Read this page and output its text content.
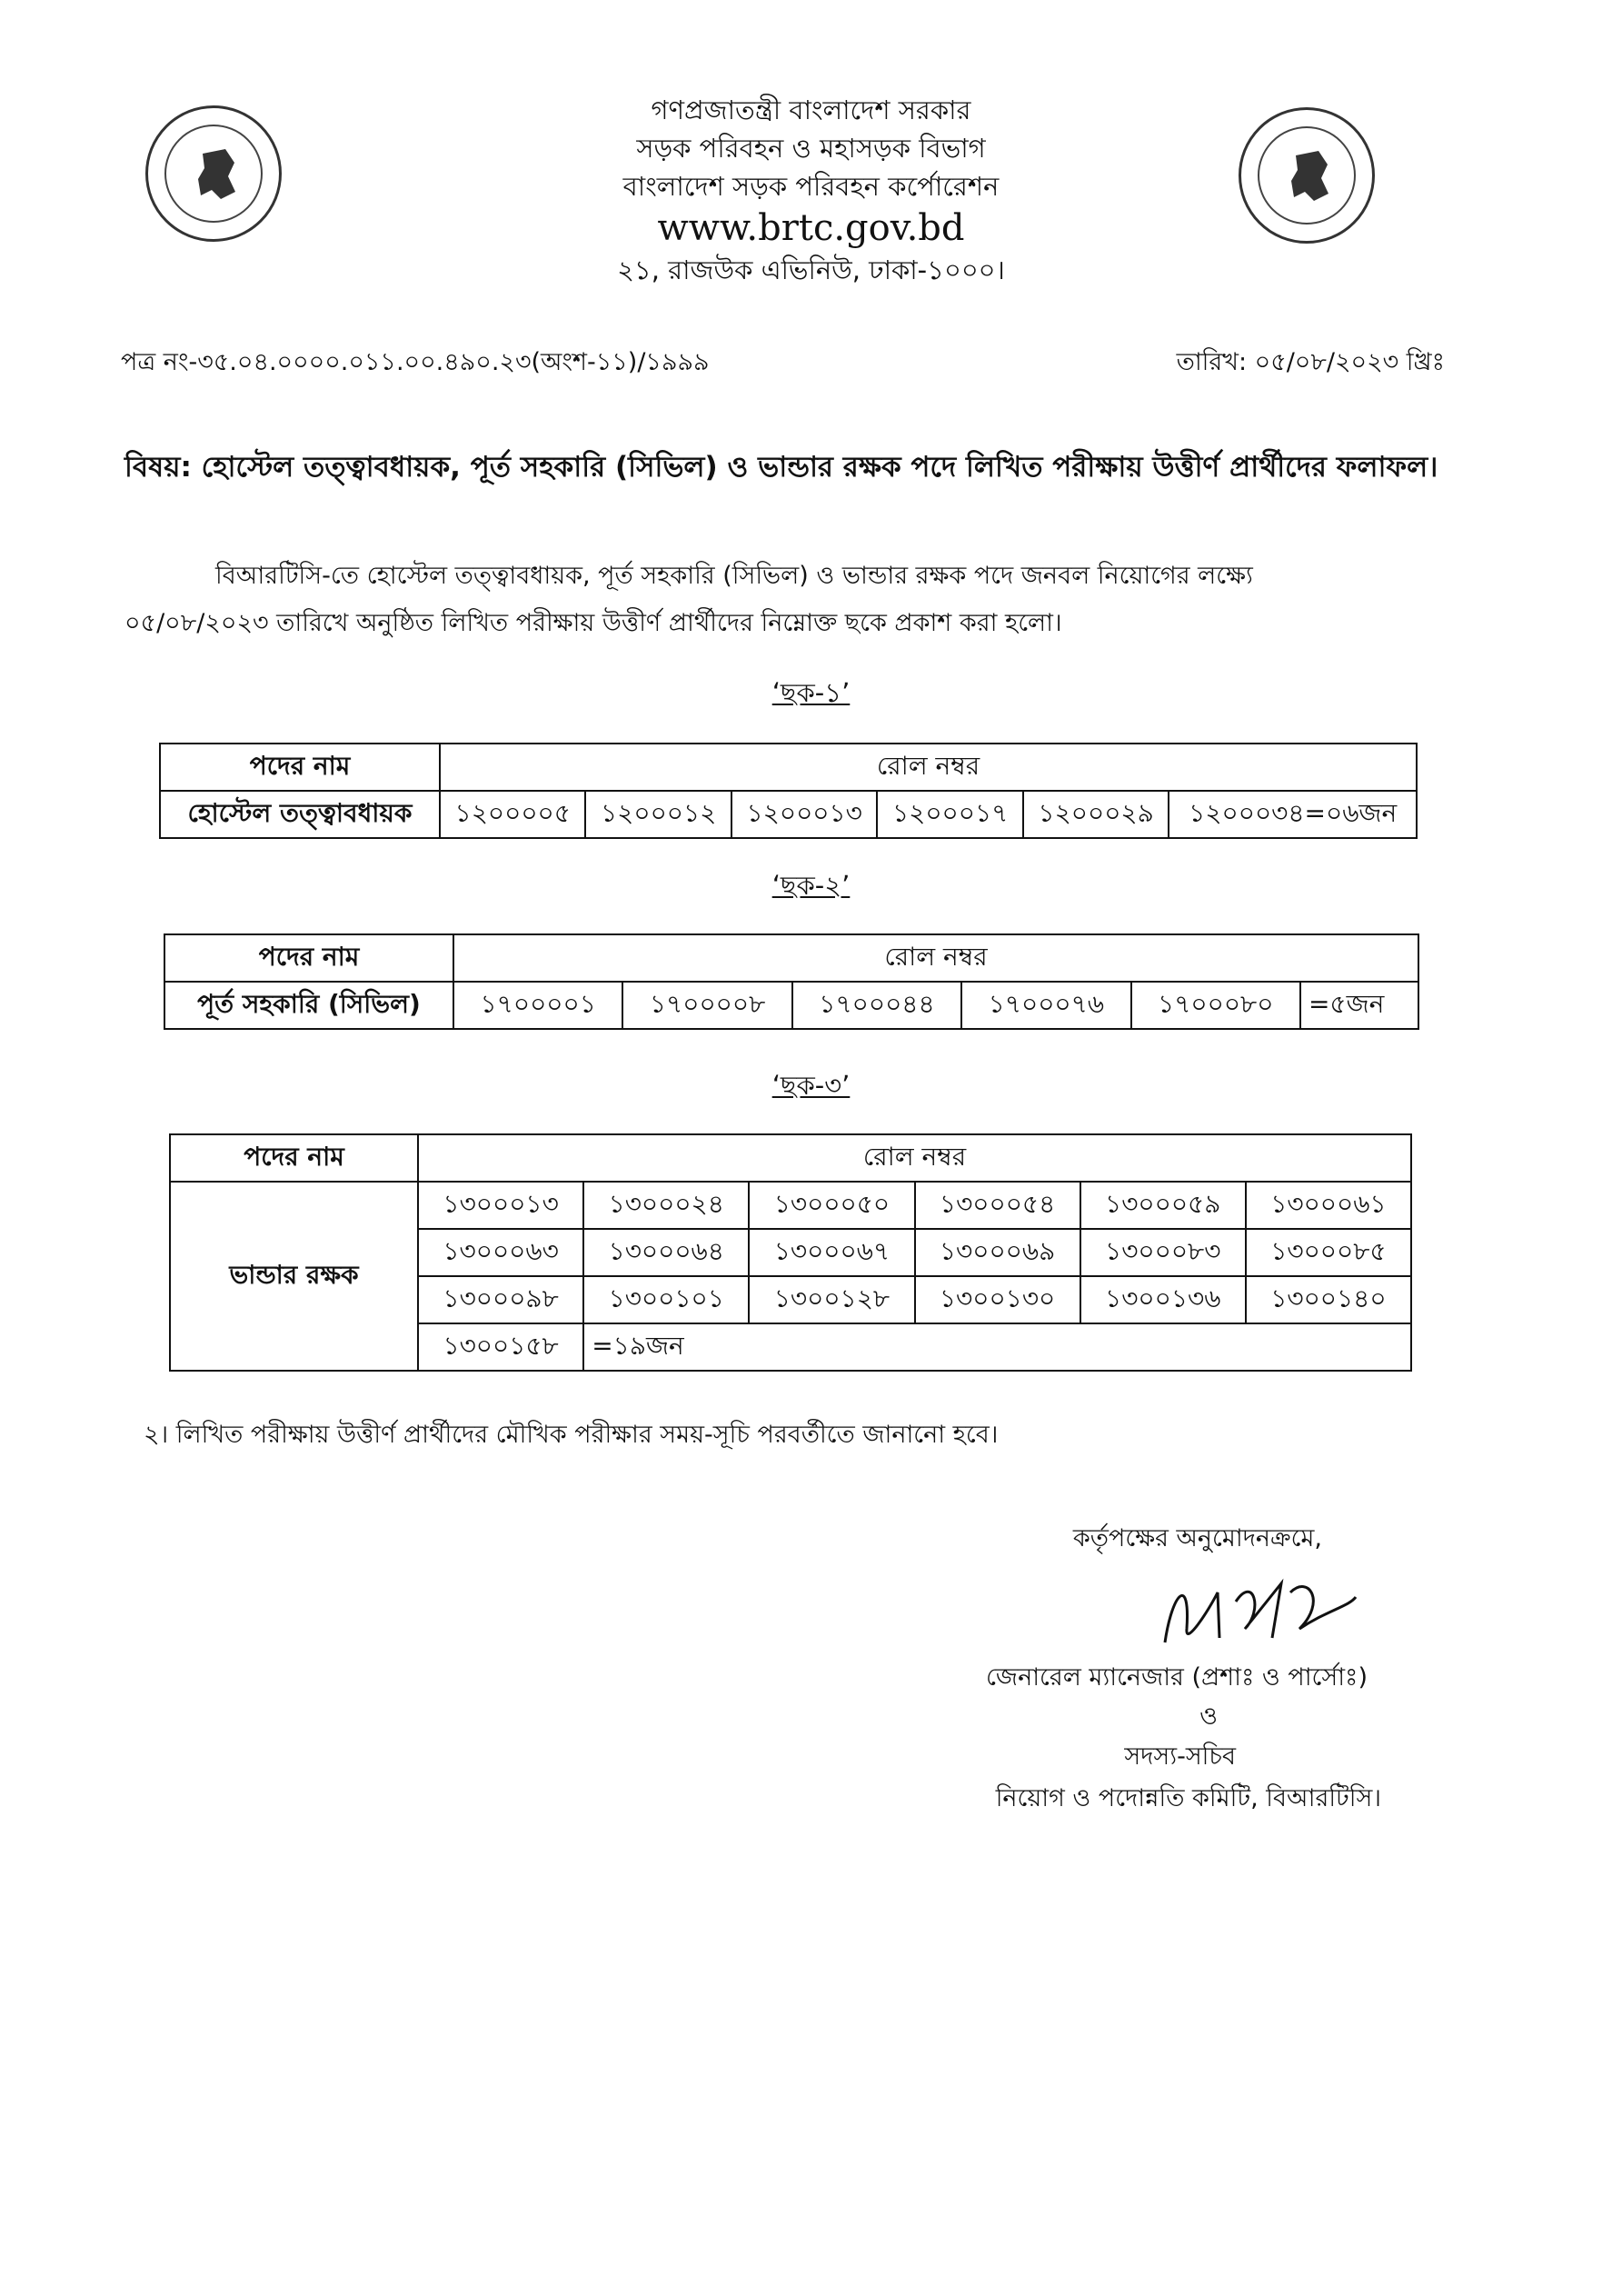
গণপ্রজাতন্ত্রী বাংলাদেশ সরকার
সড়ক পরিবহন ও মহাসড়ক বিভাগ
বাংলাদেশ সড়ক পরিবহন কর্পোরেশন
www.brtc.gov.bd
২১, রাজউক এভিনিউ, ঢাকা-১০০০।
পত্র নং-৩৫.০৪.০০০০.০১১.০০.৪৯০.২৩(অংশ-১১)/১৯৯৯	তারিখ: ০৫/০৮/২০২৩ খ্রিঃ
বিষয়: হোস্টেল তত্ত্বাবধায়ক, পূর্ত সহকারি (সিভিল) ও ভান্ডার রক্ষক পদে লিখিত পরীক্ষায় উত্তীর্ণ প্রার্থীদের ফলাফল।
বিআরটিসি-তে হোস্টেল তত্ত্বাবধায়ক, পূর্ত সহকারি (সিভিল) ও ভান্ডার রক্ষক পদে জনবল নিয়োগের লক্ষ্যে
০৫/০৮/২০২৩ তারিখে অনুষ্ঠিত লিখিত পরীক্ষায় উত্তীর্ণ প্রার্থীদের নিম্নোক্ত ছকে প্রকাশ করা হলো।
‘ছক-১’
পদের নাম	রোল নম্বর					
হোস্টেল তত্ত্বাবধায়ক	১২০০০০৫	১২০০০১২	১২০০০১৩	১২০০০১৭	১২০০০২৯	১২০০০৩৪=০৬জন
‘ছক-২’
পদের নাম	রোল নম্বর					
পূর্ত সহকারি (সিভিল)	১৭০০০০১	১৭০০০০৮	১৭০০০৪৪	১৭০০০৭৬	১৭০০০৮০	=৫জন
‘ছক-৩’
পদের নাম	রোল নম্বর					
ভান্ডার রক্ষক	১৩০০০১৩	১৩০০০২৪	১৩০০০৫০	১৩০০০৫৪	১৩০০০৫৯	১৩০০০৬১
	১৩০০০৬৩	১৩০০০৬৪	১৩০০০৬৭	১৩০০০৬৯	১৩০০০৮৩	১৩০০০৮৫
	১৩০০০৯৮	১৩০০১০১	১৩০০১২৮	১৩০০১৩০	১৩০০১৩৬	১৩০০১৪০
	১৩০০১৫৮	=১৯জন				
২। লিখিত পরীক্ষায় উত্তীর্ণ প্রার্থীদের মৌখিক পরীক্ষার সময়-সূচি পরবর্তীতে জানানো হবে।
কর্তৃপক্ষের অনুমোদনক্রমে,
জেনারেল ম্যানেজার (প্রশাঃ ও পার্সোঃ)
ও
সদস্য-সচিব
নিয়োগ ও পদোন্নতি কমিটি, বিআরটিসি।
